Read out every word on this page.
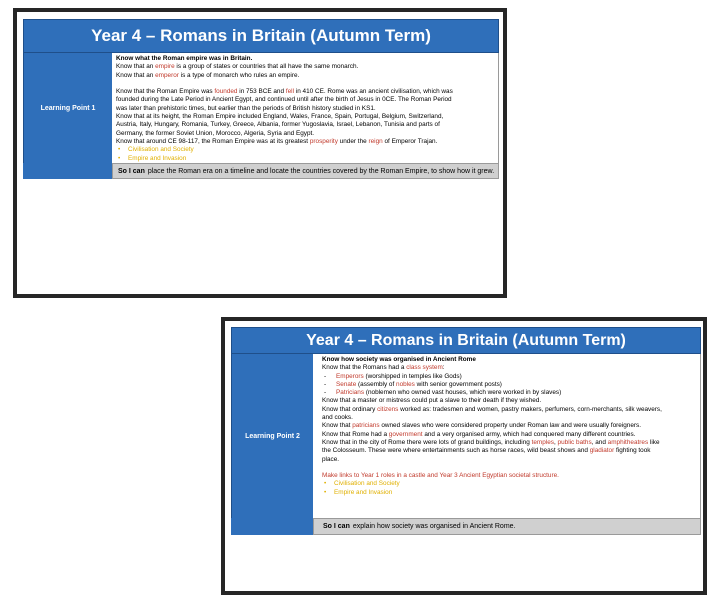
Year 4 – Romans in Britain (Autumn Term)
Learning Point 1
Know what the Roman empire was in Britain.
Know that an empire is a group of states or countries that all have the same monarch.
Know that an emperor is a type of monarch who rules an empire.
Know that the Roman Empire was founded in 753 BCE and fell in 410 CE. Rome was an ancient civilisation, which was
founded during the Late Period in Ancient Egypt, and continued until after the birth of Jesus in 0CE. The Roman Period
was later than prehistoric times, but earlier than the periods of British history studied in KS1.
Know that at its height, the Roman Empire included England, Wales, France, Spain, Portugal, Belgium, Switzerland,
Austria, Italy, Hungary, Romania, Turkey, Greece, Albania, former Yugoslavia, Israel, Lebanon, Tunisia and parts of
Germany, the former Soviet Union, Morocco, Algeria, Syria and Egypt.
Know that around CE 98-117, the Roman Empire was at its greatest prosperity under the reign of Emperor Trajan.
• Civilisation and Society
• Empire and Invasion
So I can place the Roman era on a timeline and locate the countries covered by the Roman Empire, to show how it grew.
Year 4 – Romans in Britain (Autumn Term)
Learning Point 2
Know how society was organised in Ancient Rome
Know that the Romans had a class system:
- Emperors (worshipped in temples like Gods)
- Senate (assembly of nobles with senior government posts)
- Patricians (noblemen who owned vast houses, which were worked in by slaves)
Know that a master or mistress could put a slave to their death if they wished.
Know that ordinary citizens worked as: tradesmen and women, pastry makers, perfumers, corn-merchants, silk weavers,
and cooks.
Know that patricians owned slaves who were considered property under Roman law and were usually foreigners.
Know that Rome had a government and a very organised army, which had conquered many different countries.
Know that in the city of Rome there were lots of grand buildings, including temples, public baths, and amphitheatres like
the Colosseum. These were where entertainments such as horse races, wild beast shows and gladiator fighting took
place.
Make links to Year 1 roles in a castle and Year 3 Ancient Egyptian societal structure.
• Civilisation and Society
• Empire and Invasion
So I can explain how society was organised in Ancient Rome.
